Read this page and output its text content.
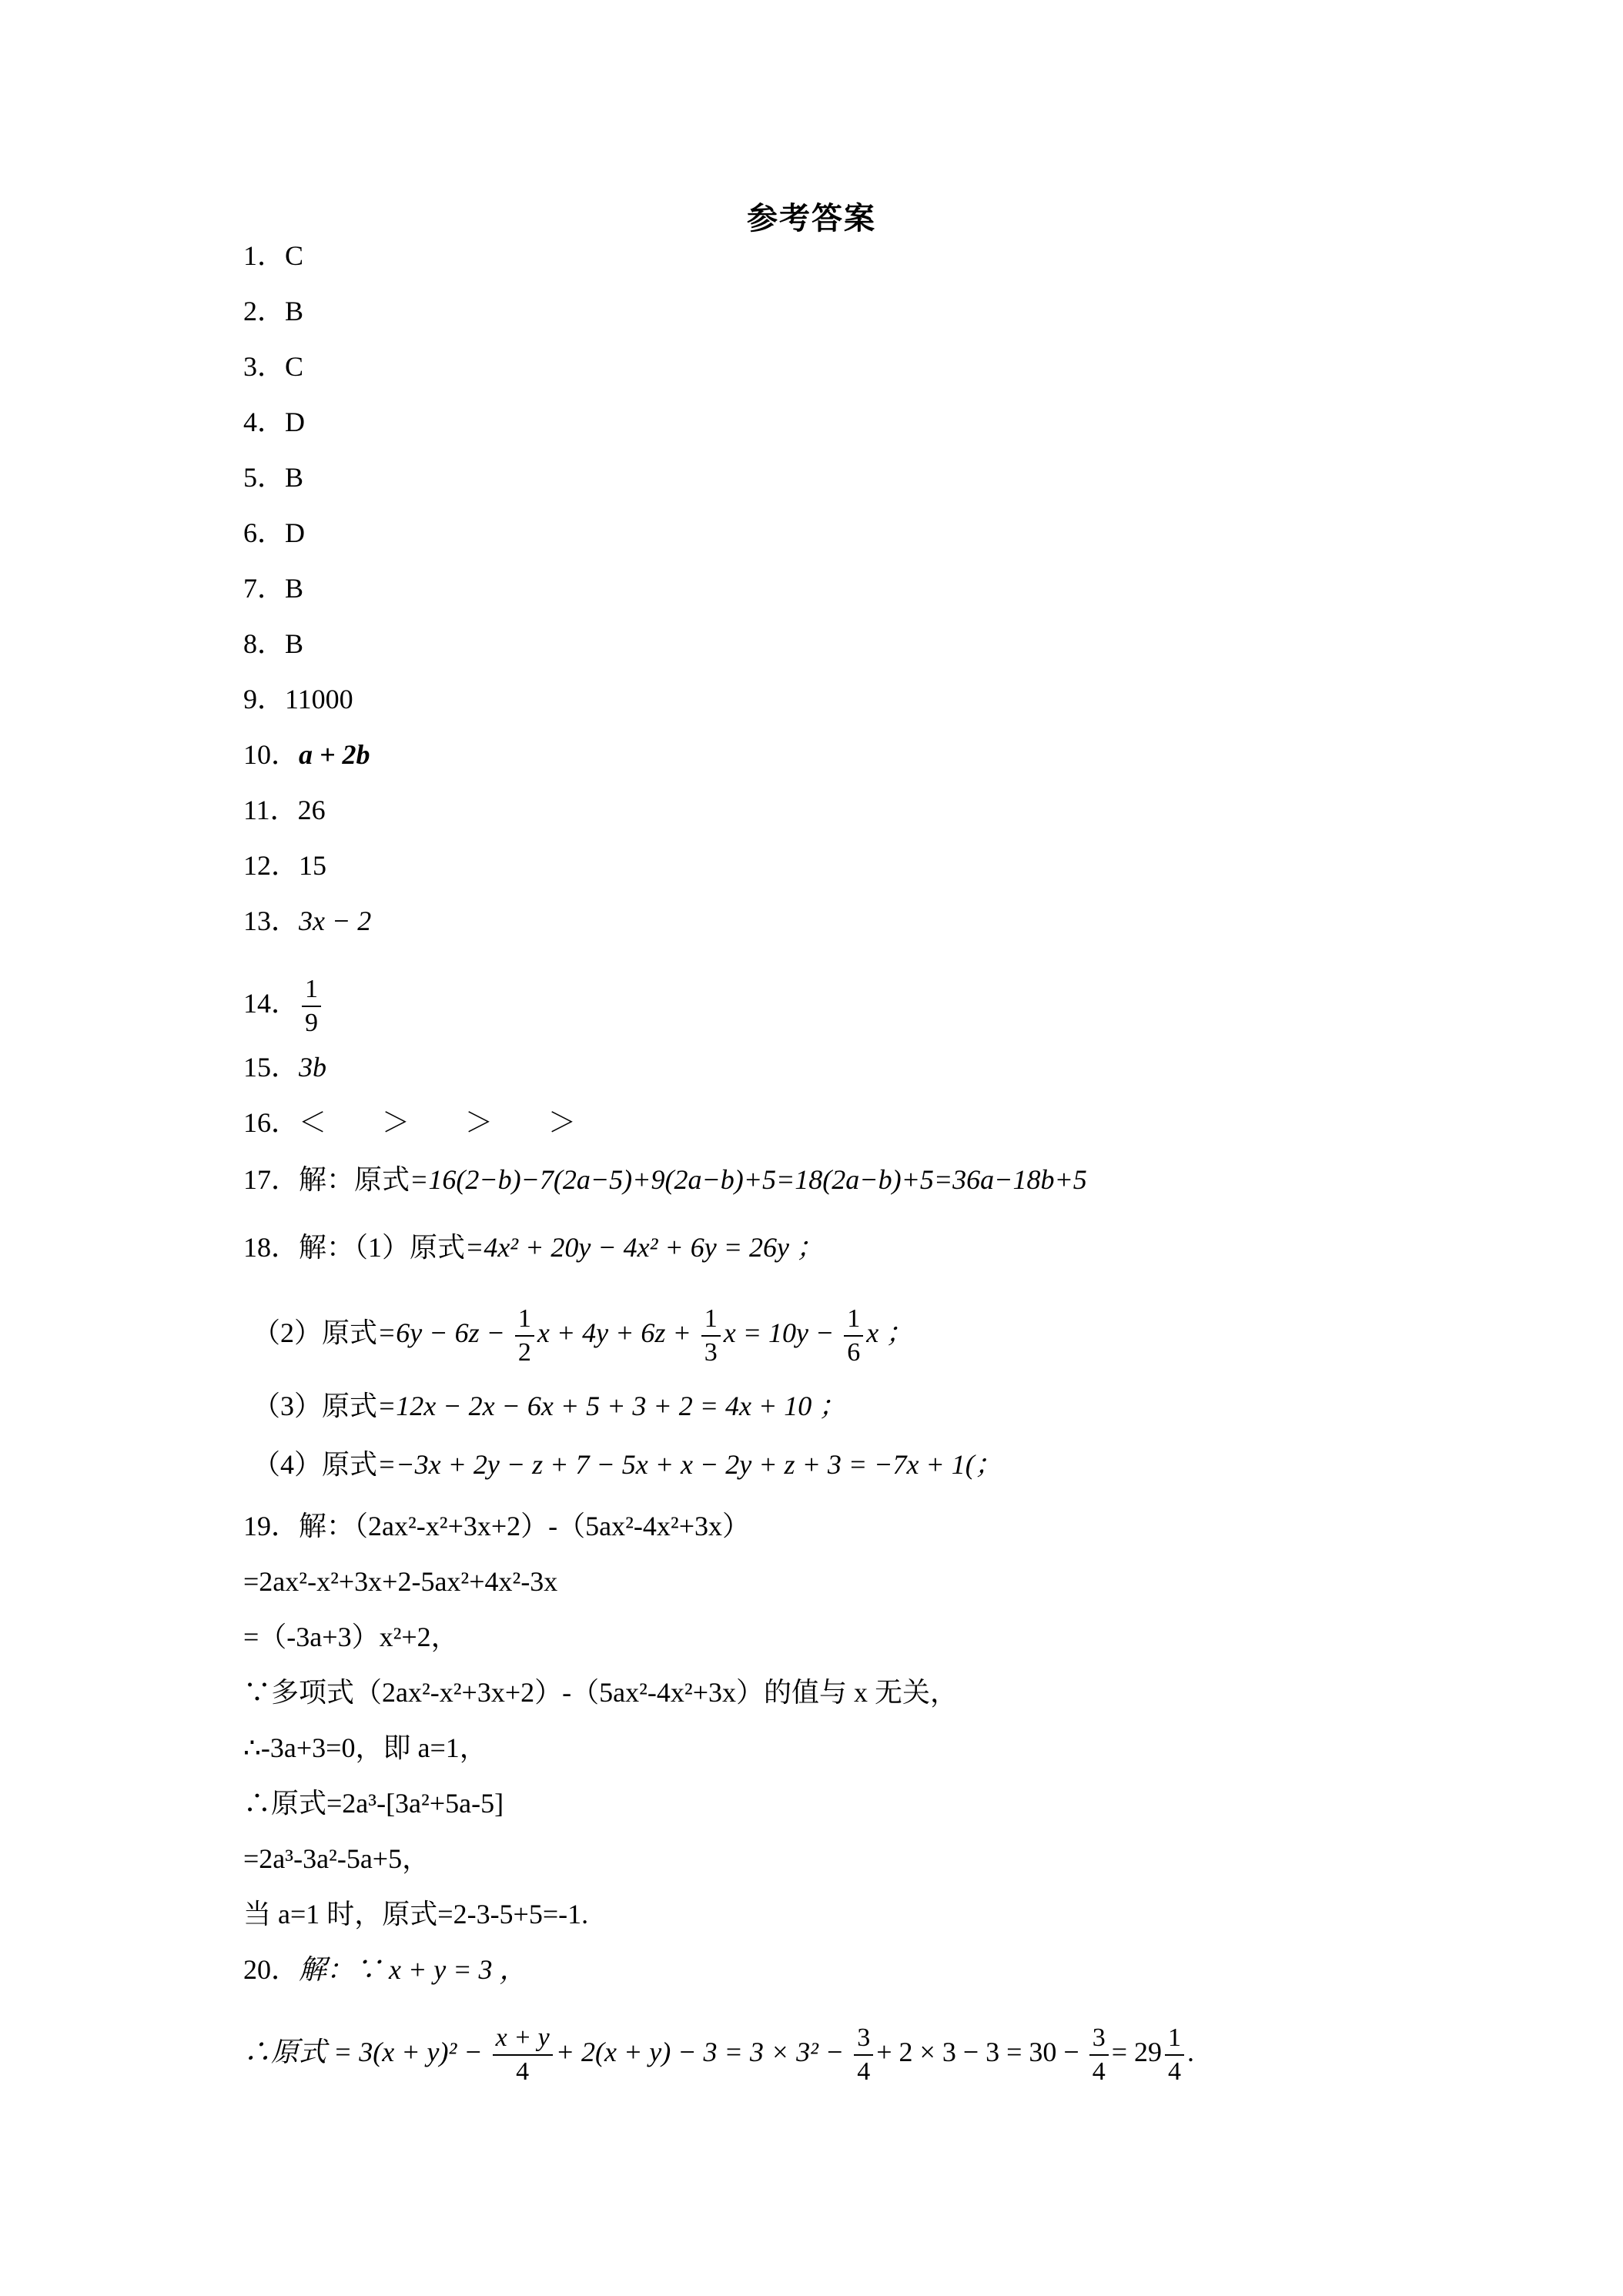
参考答案
1．C
2．B
3．C
4．D
5．B
6．D
7．B
8．B
9．11000
10．a + 2b
11．26
12．15
13．3x − 2
14． $\frac{1}{9}$
15．3b
16．＜　　＞　　＞　　＞
17．解：原式=16(2−b)−7(2a−5)+9(2a−b)+5=18(2a−b)+5=36a−18b+5
18．解：（1）原式=4x² + 20y − 4x² + 6y = 26y ；
（2）原式$=6y - 6z - \frac{1}{2}$ $x + 4y + 6z + \frac{1}{3}$ $x = 10y - \frac{1}{6}$ x ；
（3）原式=12x − 2x − 6x + 5 + 3 + 2 = 4x + 10 ；
（4）原式=−3x + 2y − z + 7 − 5x + x − 2y + z + 3 = −7x + 1(；
19．解：（2ax²-x²+3x+2）-（5ax²-4x²+3x）
=2ax²-x²+3x+2-5ax²+4x²-3x
=（-3a+3）x²+2，
∵多项式（2ax²-x²+3x+2）-（5ax²-4x²+3x）的值与 x 无关，
∴-3a+3=0，即 a=1，
∴原式=2a³-[3a²+5a-5]
=2a³-3a²-5a+5，
当 a=1 时，原式=2-3-5+5=-1.
20．解：∵ x + y = 3 ，
∴原式 = $3(x + y)^2 - \frac{x + y}{4} + 2(x + y) - 3 = 3 \times 3^2 - \frac{3}{4} + 2 \times 3 - 3 = 30 - \frac{3}{4} = 29 \frac{1}{4}$ .
